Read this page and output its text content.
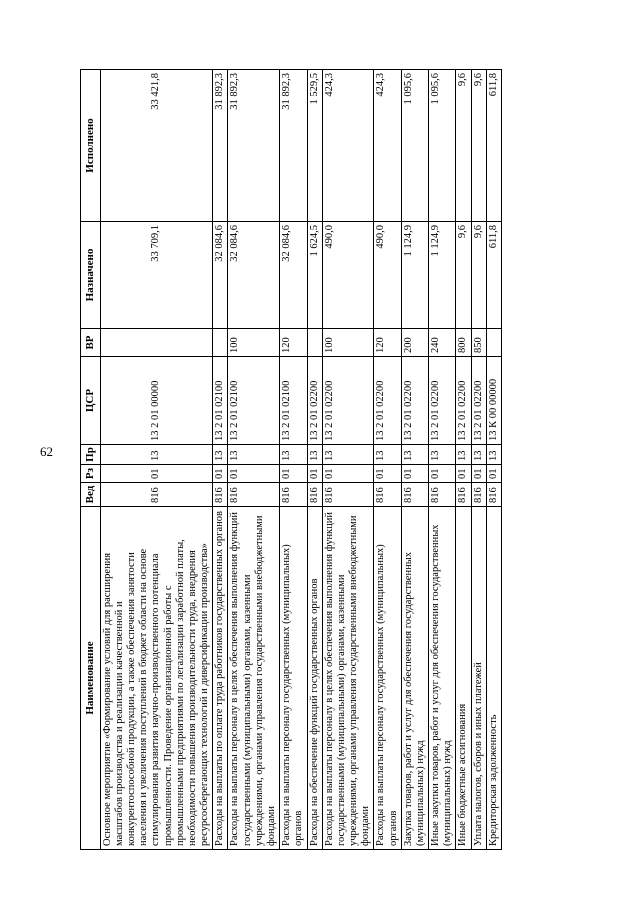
62
Наименование	Вед	Рз	Пр	ЦСР	ВР	Назначено	Исполнено
Основное мероприятие «Формирование условий для расширения масштабов производства и реализации качественной и конкурентоспособной продукции, а также обеспечения занятости населения и увеличения поступлений в бюджет области на основе стимулирования развития научно-производственного потенциала промышленности. Проведение организационной работы с промышленными предприятиями по легализации заработной платы, необходимости повышения производительности труда, внедрения ресурсосберегающих технологий и диверсификации производства»	816	01	13	13 2 01 00000		33 709,1	33 421,8
Расходы на выплаты по оплате труда работников государственных органов	816	01	13	13 2 01 02100		32 084,6	31 892,3
Расходы на выплаты персоналу в целях обеспечения выполнения функций государственными (муниципальными) органами, казенными учреждениями, органами управления государственными внебюджетными фондами	816	01	13	13 2 01 02100	100	32 084,6	31 892,3
Расходы на выплаты персоналу государственных (муниципальных) органов	816	01	13	13 2 01 02100	120	32 084,6	31 892,3
Расходы на обеспечение функций государственных органов	816	01	13	13 2 01 02200		1 624,5	1 529,5
Расходы на выплаты персоналу в целях обеспечения выполнения функций государственными (муниципальными) органами, казенными учреждениями, органами управления государственными внебюджетными фондами	816	01	13	13 2 01 02200	100	490,0	424,3
Расходы на выплаты персоналу государственных (муниципальных) органов	816	01	13	13 2 01 02200	120	490,0	424,3
Закупка товаров, работ и услуг для обеспечения государственных (муниципальных) нужд	816	01	13	13 2 01 02200	200	1 124,9	1 095,6
Иные закупки товаров, работ и услуг для обеспечения государственных (муниципальных) нужд	816	01	13	13 2 01 02200	240	1 124,9	1 095,6
Иные бюджетные ассигнования	816	01	13	13 2 01 02200	800	9,6	9,6
Уплата налогов, сборов и иных платежей	816	01	13	13 2 01 02200	850	9,6	9,6
Кредиторская задолженность	816	01	13	13 К 00 00000		611,8	611,8
